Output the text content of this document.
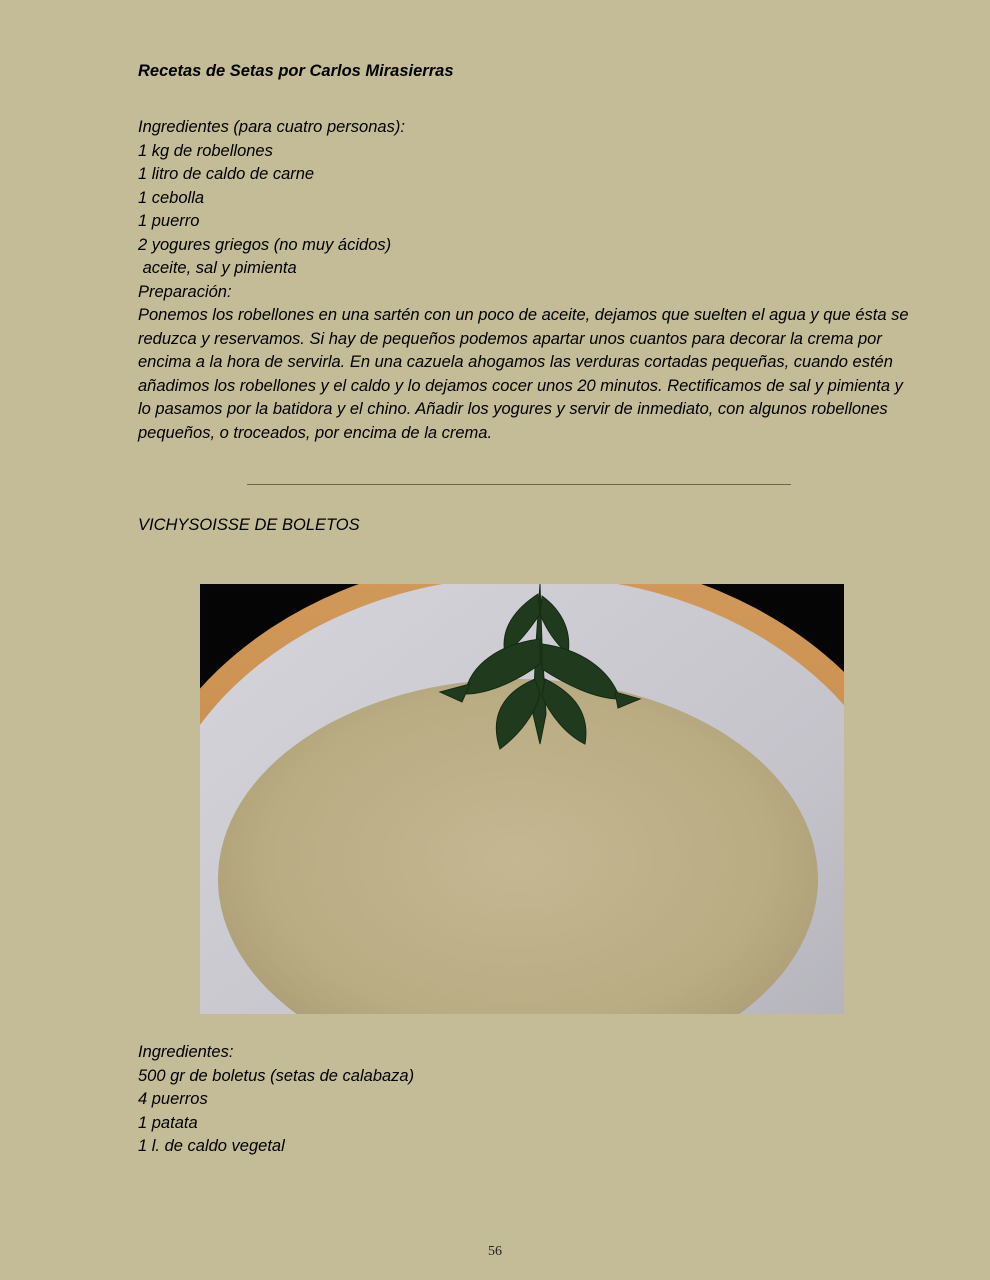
Recetas de Setas por Carlos Mirasierras
Ingredientes (para cuatro personas):
1 kg de robellones
1 litro de caldo de carne
1 cebolla
1 puerro
2 yogures griegos (no muy ácidos)
aceite, sal y pimienta
Preparación:
Ponemos los robellones en una sartén con un poco de aceite, dejamos que suelten el agua y que ésta se reduzca y reservamos. Si hay de pequeños podemos apartar unos cuantos para decorar la crema por encima a la hora de servirla. En una cazuela ahogamos las verduras cortadas pequeñas, cuando estén añadimos los robellones y el caldo y lo dejamos cocer unos 20 minutos. Rectificamos de sal y pimienta y lo pasamos por la batidora y el chino. Añadir los yogures y servir de inmediato, con algunos robellones pequeños, o troceados, por encima de la crema.
VICHYSOISSE DE BOLETOS
Ingredientes:
500 gr de boletus (setas de calabaza)
4 puerros
1 patata
1 l. de caldo vegetal
56
